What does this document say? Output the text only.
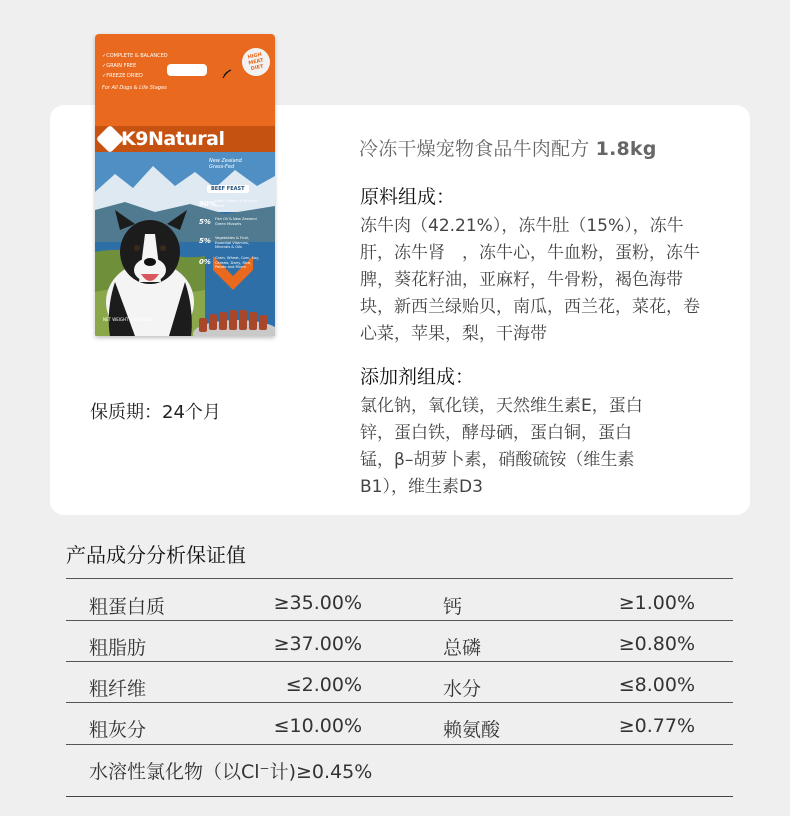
✓ COMPLETE & BALANCED
✓ GRAIN FREE
✓ FREEZE DRIED
For All Dogs & Life Stages
HIGH MEAT DIET
K9Natural
New Zealand Grass-Fed
BEEF FEAST
90% Beef, Organs & Ground Bone
5% Fish Oil & New Zealand Green Mussels
5% Vegetables & Fruit, Essential Vitamins, Minerals & Oils
0% Grain, Wheat, Corn, Soy, Cereals, Dairy, Rice, Potato and Fillers
NET WEIGHT 1.8KG/4LBS
冷冻干燥宠物食品牛肉配方 1.8kg
原料组成：
冻牛肉（42.21%），冻牛肚（15%），冻牛
肝，冻牛肾　，冻牛心，牛血粉，蛋粉，冻牛
脾，葵花籽油，亚麻籽，牛骨粉，褐色海带
块，新西兰绿贻贝，南瓜，西兰花，菜花，卷
心菜，苹果，梨，干海带
添加剂组成：
氯化钠，氧化镁，天然维生素E，蛋白
锌，蛋白铁，酵母硒，蛋白铜，蛋白
锰，β–胡萝卜素，硝酸硫铵（维生素
B1），维生素D3
保质期：24个月
产品成分分析保证值
粗蛋白质	≥35.00%	钙	≥1.00%
粗脂肪	≥37.00%	总磷	≥0.80%
粗纤维	≤2.00%	水分	≤8.00%
粗灰分	≤10.00%	赖氨酸	≥0.77%
水溶性氯化物（以Cl⁻计)≥0.45%
